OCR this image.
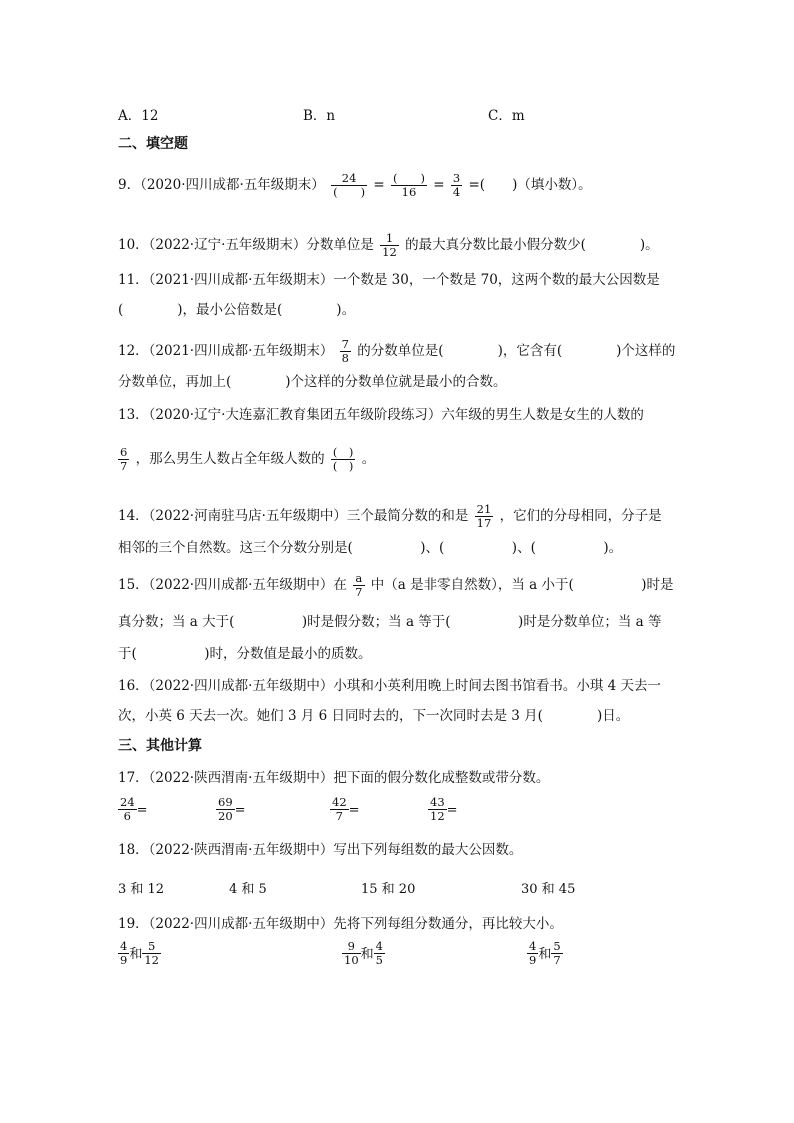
A．12	B．n	C．m
二、填空题
9．（2020·四川成都·五年级期末） $\frac{24}{( )} = \frac{( )}{16} = \frac{3}{4}$ =(　　)（填小数）。
10．（2022·辽宁·五年级期末）分数单位是 $\frac{1}{12}$ 的最大真分数比最小假分数少(　　　　)。
11．（2021·四川成都·五年级期末）一个数是 30，一个数是 70，这两个数的最大公因数是
(　　　　)，最小公倍数是(　　　　)。
12．（2021·四川成都·五年级期末） $\frac{7}{8}$ 的分数单位是(　　　　)，它含有(　　　　)个这样的
分数单位，再加上(　　　　)个这样的分数单位就是最小的合数。
13．（2020·辽宁·大连嘉汇教育集团五年级阶段练习）六年级的男生人数是女生的人数的
$\frac{6}{7}$ ，那么男生人数占全年级人数的 $\frac{( )}{( )}$ 。
14．（2022·河南驻马店·五年级期中）三个最简分数的和是 $\frac{21}{17}$ ，它们的分母相同，分子是
相邻的三个自然数。这三个分数分别是(　　　　　)、(　　　　　)、(　　　　　)。
15．（2022·四川成都·五年级期中）在 $\frac{a}{7}$ 中（a 是非零自然数），当 a 小于(　　　　　)时是
真分数；当 a 大于(　　　　　)时是假分数；当 a 等于(　　　　　)时是分数单位；当 a 等
于(　　　　　)时，分数值是最小的质数。
16．（2022·四川成都·五年级期中）小琪和小英利用晚上时间去图书馆看书。小琪 4 天去一
次，小英 6 天去一次。她们 3 月 6 日同时去的，下一次同时去是 3 月(　　　　)日。
三、其他计算
17．（2022·陕西渭南·五年级期中）把下面的假分数化成整数或带分数。
$\frac{24}{6}$ =	$\frac{69}{20}$ =	$\frac{42}{7}$ =	$\frac{43}{12}$ =
18．（2022·陕西渭南·五年级期中）写出下列每组数的最大公因数。
3 和 12	4 和 5	15 和 20	30 和 45
19．（2022·四川成都·五年级期中）先将下列每组分数通分，再比较大小。
$\frac{4}{9}$ 和 $\frac{5}{12}$	$\frac{9}{10}$ 和 $\frac{4}{5}$	$\frac{4}{9}$ 和 $\frac{5}{7}$
